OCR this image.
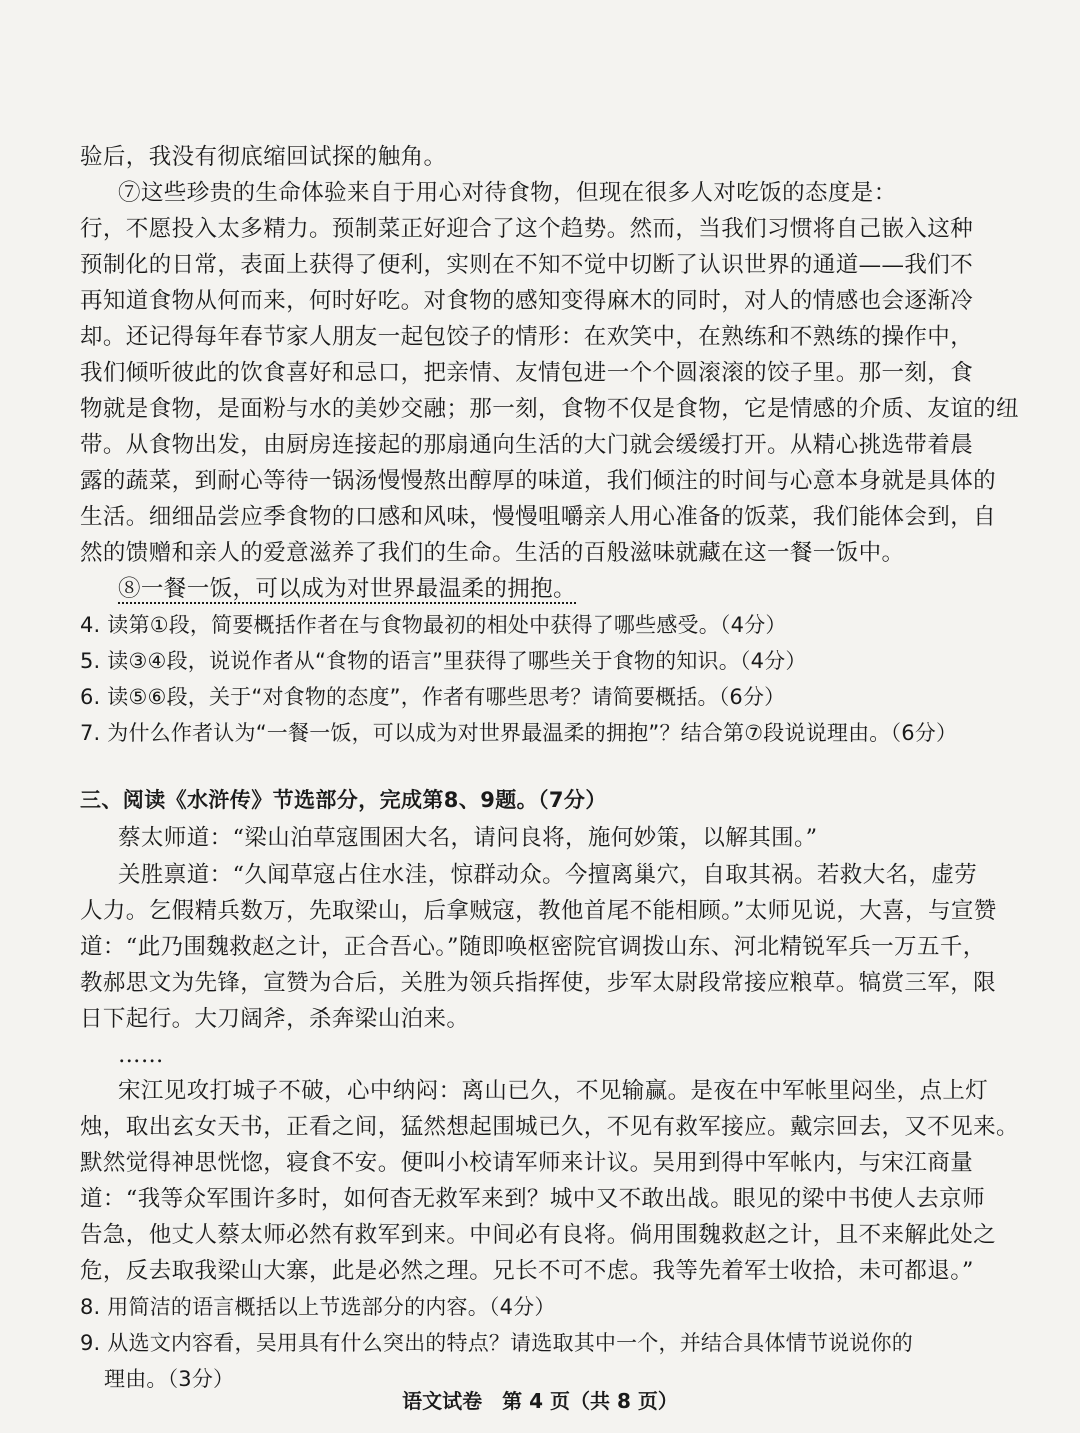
验后，我没有彻底缩回试探的触角。
⑦这些珍贵的生命体验来自于用心对待食物，但现在很多人对吃饭的态度是：
行，不愿投入太多精力。预制菜正好迎合了这个趋势。然而，当我们习惯将自己嵌入这种
预制化的日常，表面上获得了便利，实则在不知不觉中切断了认识世界的通道——我们不
再知道食物从何而来，何时好吃。对食物的感知变得麻木的同时，对人的情感也会逐渐冷
却。还记得每年春节家人朋友一起包饺子的情形：在欢笑中，在熟练和不熟练的操作中，
我们倾听彼此的饮食喜好和忌口，把亲情、友情包进一个个圆滚滚的饺子里。那一刻，食
物就是食物，是面粉与水的美妙交融；那一刻，食物不仅是食物，它是情感的介质、友谊的纽
带。从食物出发，由厨房连接起的那扇通向生活的大门就会缓缓打开。从精心挑选带着晨
露的蔬菜，到耐心等待一锅汤慢慢熬出醇厚的味道，我们倾注的时间与心意本身就是具体的
生活。细细品尝应季食物的口感和风味，慢慢咀嚼亲人用心准备的饭菜，我们能体会到，自
然的馈赠和亲人的爱意滋养了我们的生命。生活的百般滋味就藏在这一餐一饭中。
⑧一餐一饭，可以成为对世界最温柔的拥抱。
4. 读第①段，简要概括作者在与食物最初的相处中获得了哪些感受。（4分）
5. 读③④段，说说作者从“食物的语言”里获得了哪些关于食物的知识。（4分）
6. 读⑤⑥段，关于“对食物的态度”，作者有哪些思考？请简要概括。（6分）
7. 为什么作者认为“一餐一饭，可以成为对世界最温柔的拥抱”？结合第⑦段说说理由。（6分）
三、阅读《水浒传》节选部分，完成第8、9题。（7分）
蔡太师道：“梁山泊草寇围困大名，请问良将，施何妙策，以解其围。”
关胜禀道：“久闻草寇占住水洼，惊群动众。今擅离巢穴，自取其祸。若救大名，虚劳
人力。乞假精兵数万，先取梁山，后拿贼寇，教他首尾不能相顾。”太师见说，大喜，与宣赞
道：“此乃围魏救赵之计，正合吾心。”随即唤枢密院官调拨山东、河北精锐军兵一万五千，
教郝思文为先锋，宣赞为合后，关胜为领兵指挥使，步军太尉段常接应粮草。犒赏三军，限
日下起行。大刀阔斧，杀奔梁山泊来。
……
宋江见攻打城子不破，心中纳闷：离山已久，不见输赢。是夜在中军帐里闷坐，点上灯
烛，取出玄女天书，正看之间，猛然想起围城已久，不见有救军接应。戴宗回去，又不见来。
默然觉得神思恍惚，寝食不安。便叫小校请军师来计议。吴用到得中军帐内，与宋江商量
道：“我等众军围许多时，如何杳无救军来到？城中又不敢出战。眼见的梁中书使人去京师
告急，他丈人蔡太师必然有救军到来。中间必有良将。倘用围魏救赵之计，且不来解此处之
危，反去取我梁山大寨，此是必然之理。兄长不可不虑。我等先着军士收拾，未可都退。”
8. 用简洁的语言概括以上节选部分的内容。（4分）
9. 从选文内容看，吴用具有什么突出的特点？请选取其中一个，并结合具体情节说说你的
理由。（3分）
语文试卷　第 4 页（共 8 页）
